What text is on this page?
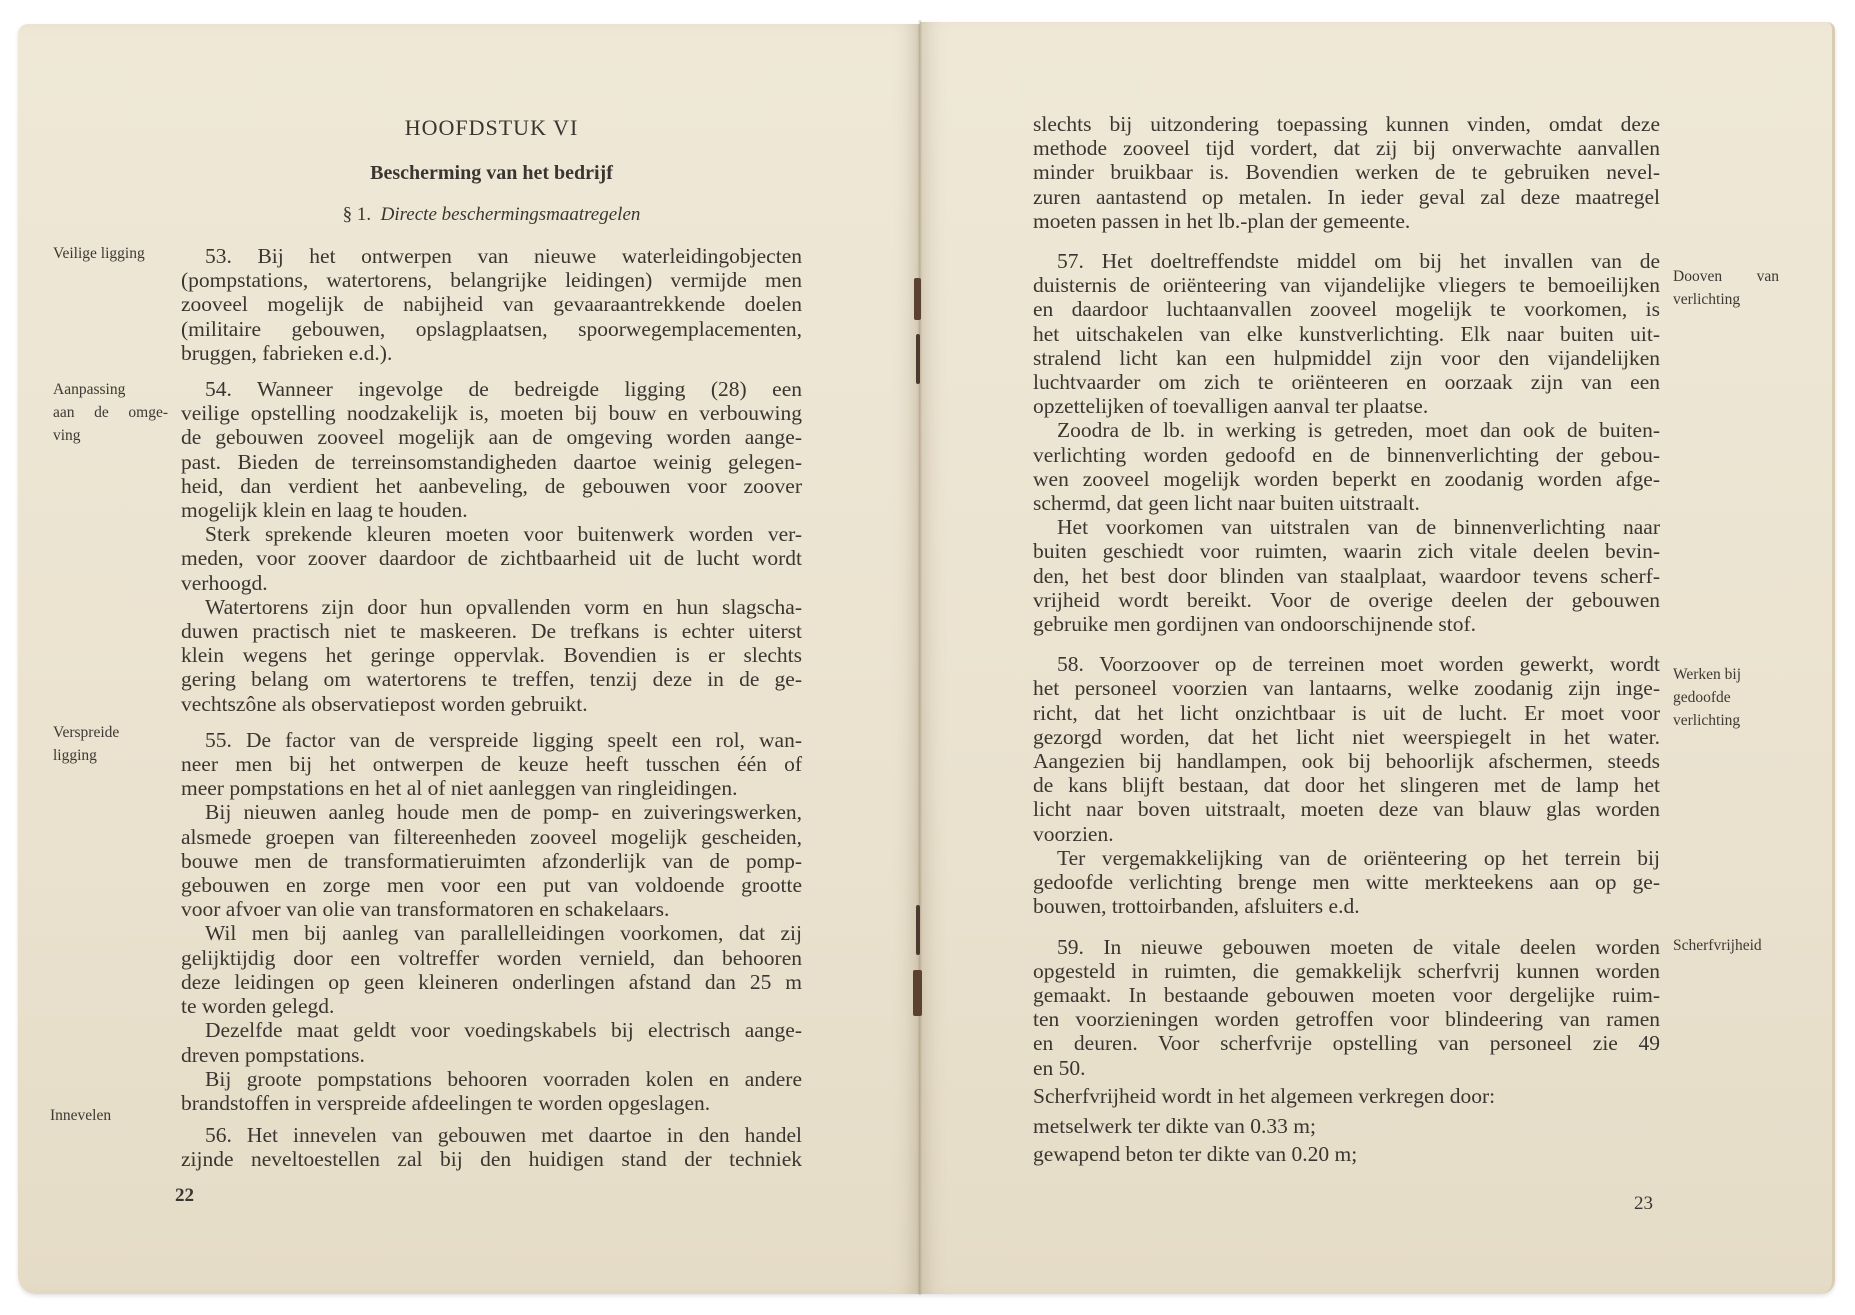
HOOFDSTUK VI
Bescherming van het bedrijf
§ 1. Directe beschermingsmaatregelen
Veilige ligging
Aanpassing
aan de omge-
ving
Verspreide
ligging
Innevelen
53. Bij het ontwerpen van nieuwe waterleidingobjecten
(pompstations, watertorens, belangrijke leidingen) vermijde men
zooveel mogelijk de nabijheid van gevaaraantrekkende doelen
(militaire gebouwen, opslagplaatsen, spoorwegemplacementen,
bruggen, fabrieken e.d.).
54. Wanneer ingevolge de bedreigde ligging (28) een
veilige opstelling noodzakelijk is, moeten bij bouw en verbouwing
de gebouwen zooveel mogelijk aan de omgeving worden aange-
past. Bieden de terreinsomstandigheden daartoe weinig gelegen-
heid, dan verdient het aanbeveling, de gebouwen voor zoover
mogelijk klein en laag te houden.
Sterk sprekende kleuren moeten voor buitenwerk worden ver-
meden, voor zoover daardoor de zichtbaarheid uit de lucht wordt
verhoogd.
Watertorens zijn door hun opvallenden vorm en hun slagscha-
duwen practisch niet te maskeeren. De trefkans is echter uiterst
klein wegens het geringe oppervlak. Bovendien is er slechts
gering belang om watertorens te treffen, tenzij deze in de ge-
vechtszône als observatiepost worden gebruikt.
55. De factor van de verspreide ligging speelt een rol, wan-
neer men bij het ontwerpen de keuze heeft tusschen één of
meer pompstations en het al of niet aanleggen van ringleidingen.
Bij nieuwen aanleg houde men de pomp- en zuiveringswerken,
alsmede groepen van filtereenheden zooveel mogelijk gescheiden,
bouwe men de transformatieruimten afzonderlijk van de pomp-
gebouwen en zorge men voor een put van voldoende grootte
voor afvoer van olie van transformatoren en schakelaars.
Wil men bij aanleg van parallelleidingen voorkomen, dat zij
gelijktijdig door een voltreffer worden vernield, dan behooren
deze leidingen op geen kleineren onderlingen afstand dan 25 m
te worden gelegd.
Dezelfde maat geldt voor voedingskabels bij electrisch aange-
dreven pompstations.
Bij groote pompstations behooren voorraden kolen en andere
brandstoffen in verspreide afdeelingen te worden opgeslagen.
56. Het innevelen van gebouwen met daartoe in den handel
zijnde neveltoestellen zal bij den huidigen stand der techniek
22
slechts bij uitzondering toepassing kunnen vinden, omdat deze
methode zooveel tijd vordert, dat zij bij onverwachte aanvallen
minder bruikbaar is. Bovendien werken de te gebruiken nevel-
zuren aantastend op metalen. In ieder geval zal deze maatregel
moeten passen in het lb.-plan der gemeente.
57. Het doeltreffendste middel om bij het invallen van de
duisternis de oriënteering van vijandelijke vliegers te bemoeilijken
en daardoor luchtaanvallen zooveel mogelijk te voorkomen, is
het uitschakelen van elke kunstverlichting. Elk naar buiten uit-
stralend licht kan een hulpmiddel zijn voor den vijandelijken
luchtvaarder om zich te oriënteeren en oorzaak zijn van een
opzettelijken of toevalligen aanval ter plaatse.
Zoodra de lb. in werking is getreden, moet dan ook de buiten-
verlichting worden gedoofd en de binnenverlichting der gebou-
wen zooveel mogelijk worden beperkt en zoodanig worden afge-
schermd, dat geen licht naar buiten uitstraalt.
Het voorkomen van uitstralen van de binnenverlichting naar
buiten geschiedt voor ruimten, waarin zich vitale deelen bevin-
den, het best door blinden van staalplaat, waardoor tevens scherf-
vrijheid wordt bereikt. Voor de overige deelen der gebouwen
gebruike men gordijnen van ondoorschijnende stof.
58. Voorzoover op de terreinen moet worden gewerkt, wordt
het personeel voorzien van lantaarns, welke zoodanig zijn inge-
richt, dat het licht onzichtbaar is uit de lucht. Er moet voor
gezorgd worden, dat het licht niet weerspiegelt in het water.
Aangezien bij handlampen, ook bij behoorlijk afschermen, steeds
de kans blijft bestaan, dat door het slingeren met de lamp het
licht naar boven uitstraalt, moeten deze van blauw glas worden
voorzien.
Ter vergemakkelijking van de oriënteering op het terrein bij
gedoofde verlichting brenge men witte merkteekens aan op ge-
bouwen, trottoirbanden, afsluiters e.d.
59. In nieuwe gebouwen moeten de vitale deelen worden
opgesteld in ruimten, die gemakkelijk scherfvrij kunnen worden
gemaakt. In bestaande gebouwen moeten voor dergelijke ruim-
ten voorzieningen worden getroffen voor blindeering van ramen
en deuren. Voor scherfvrije opstelling van personeel zie 49
en 50.
Scherfvrijheid wordt in het algemeen verkregen door:
metselwerk ter dikte van 0.33 m;
gewapend beton ter dikte van 0.20 m;
Dooven van
verlichting
Werken bij
gedoofde
verlichting
Scherfvrijheid
23
